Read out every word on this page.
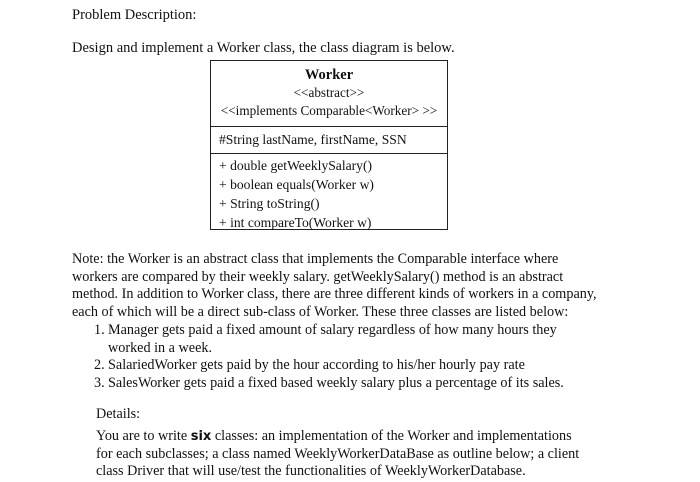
Problem Description:
Design and implement a Worker class, the class diagram is below.
Worker
<<abstract>>
<<implements Comparable<Worker> >>
#String lastName, firstName, SSN
+ double getWeeklySalary()
+ boolean equals(Worker w)
+ String toString()
+ int compareTo(Worker w)
Note: the Worker is an abstract class that implements the Comparable interface where
workers are compared by their weekly salary. getWeeklySalary() method is an abstract
method. In addition to Worker class, there are three different kinds of workers in a company,
each of which will be a direct sub-class of Worker. These three classes are listed below:
1. Manager gets paid a fixed amount of salary regardless of how many hours they
worked in a week.
2. SalariedWorker gets paid by the hour according to his/her hourly pay rate
3. SalesWorker gets paid a fixed based weekly salary plus a percentage of its sales.
Details:
You are to write six classes: an implementation of the Worker and implementations
for each subclasses; a class named WeeklyWorkerDataBase as outline below; a client
class Driver that will use/test the functionalities of WeeklyWorkerDatabase.
